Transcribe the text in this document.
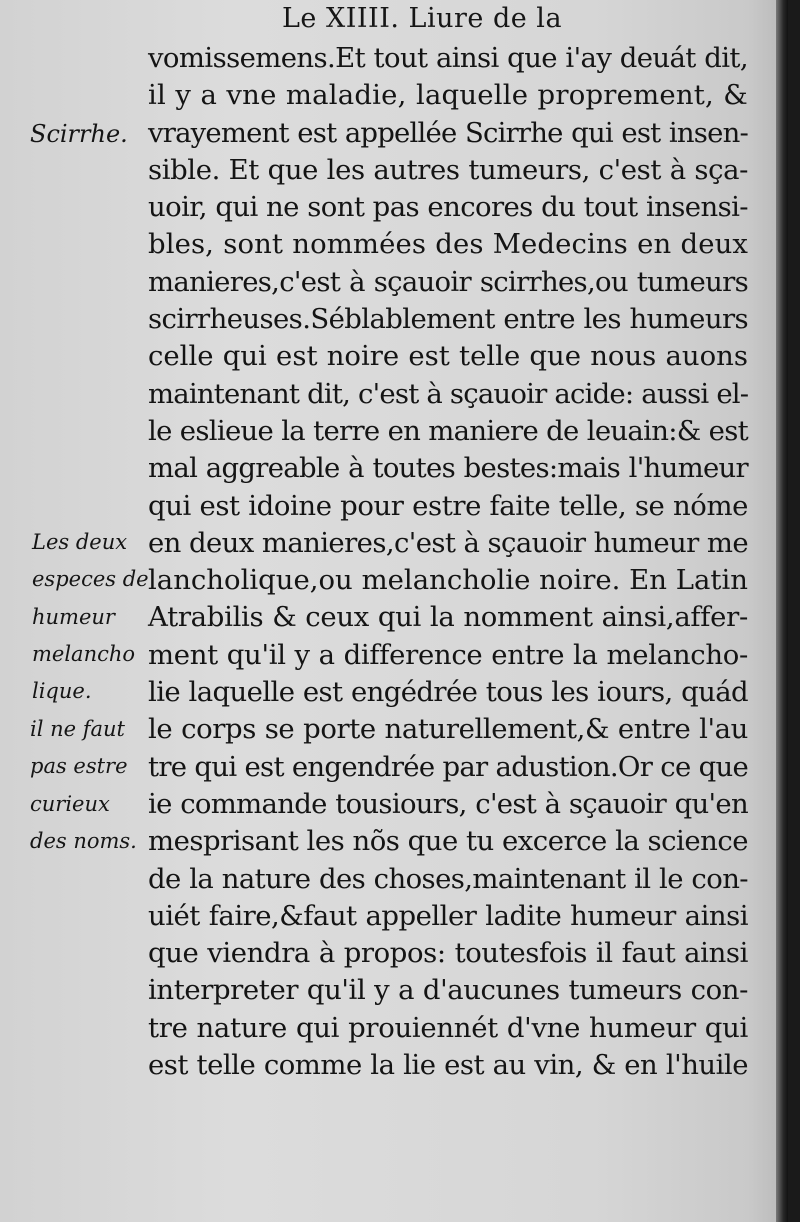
Le XIIII. Liure de la
Scirrhe.
Les deux
especes de
humeur
melancho
lique.
il ne faut
pas estre
curieux
des noms.
vomissemens.Et tout ainsi que i'ay deuát dit,
il y a vne maladie, laquelle proprement, &
vrayement est appellée Scirrhe qui est insen-
sible. Et que les autres tumeurs, c'est à sça-
uoir, qui ne sont pas encores du tout insensi-
bles, sont nommées des Medecins en deux
manieres,c'est à sçauoir scirrhes,ou tumeurs
scirrheuses.Séblablement entre les humeurs
celle qui est noire est telle que nous auons
maintenant dit, c'est à sçauoir acide: aussi el-
le eslieue la terre en maniere de leuain:& est
mal aggreable à toutes bestes:mais l'humeur
qui est idoine pour estre faite telle, se nóme
en deux manieres,c'est à sçauoir humeur me
lancholique,ou melancholie noire. En Latin
Atrabilis & ceux qui la nomment ainsi,affer-
ment qu'il y a difference entre la melancho-
lie laquelle est engédrée tous les iours, quád
le corps se porte naturellement,& entre l'au
tre qui est engendrée par adustion.Or ce que
ie commande tousiours, c'est à sçauoir qu'en
mesprisant les nõs que tu excerce la science
de la nature des choses,maintenant il le con-
uiét faire,&faut appeller ladite humeur ainsi
que viendra à propos: toutesfois il faut ainsi
interpreter qu'il y a d'aucunes tumeurs con-
tre nature qui prouiennét d'vne humeur qui
est telle comme la lie est au vin, & en l'huile
